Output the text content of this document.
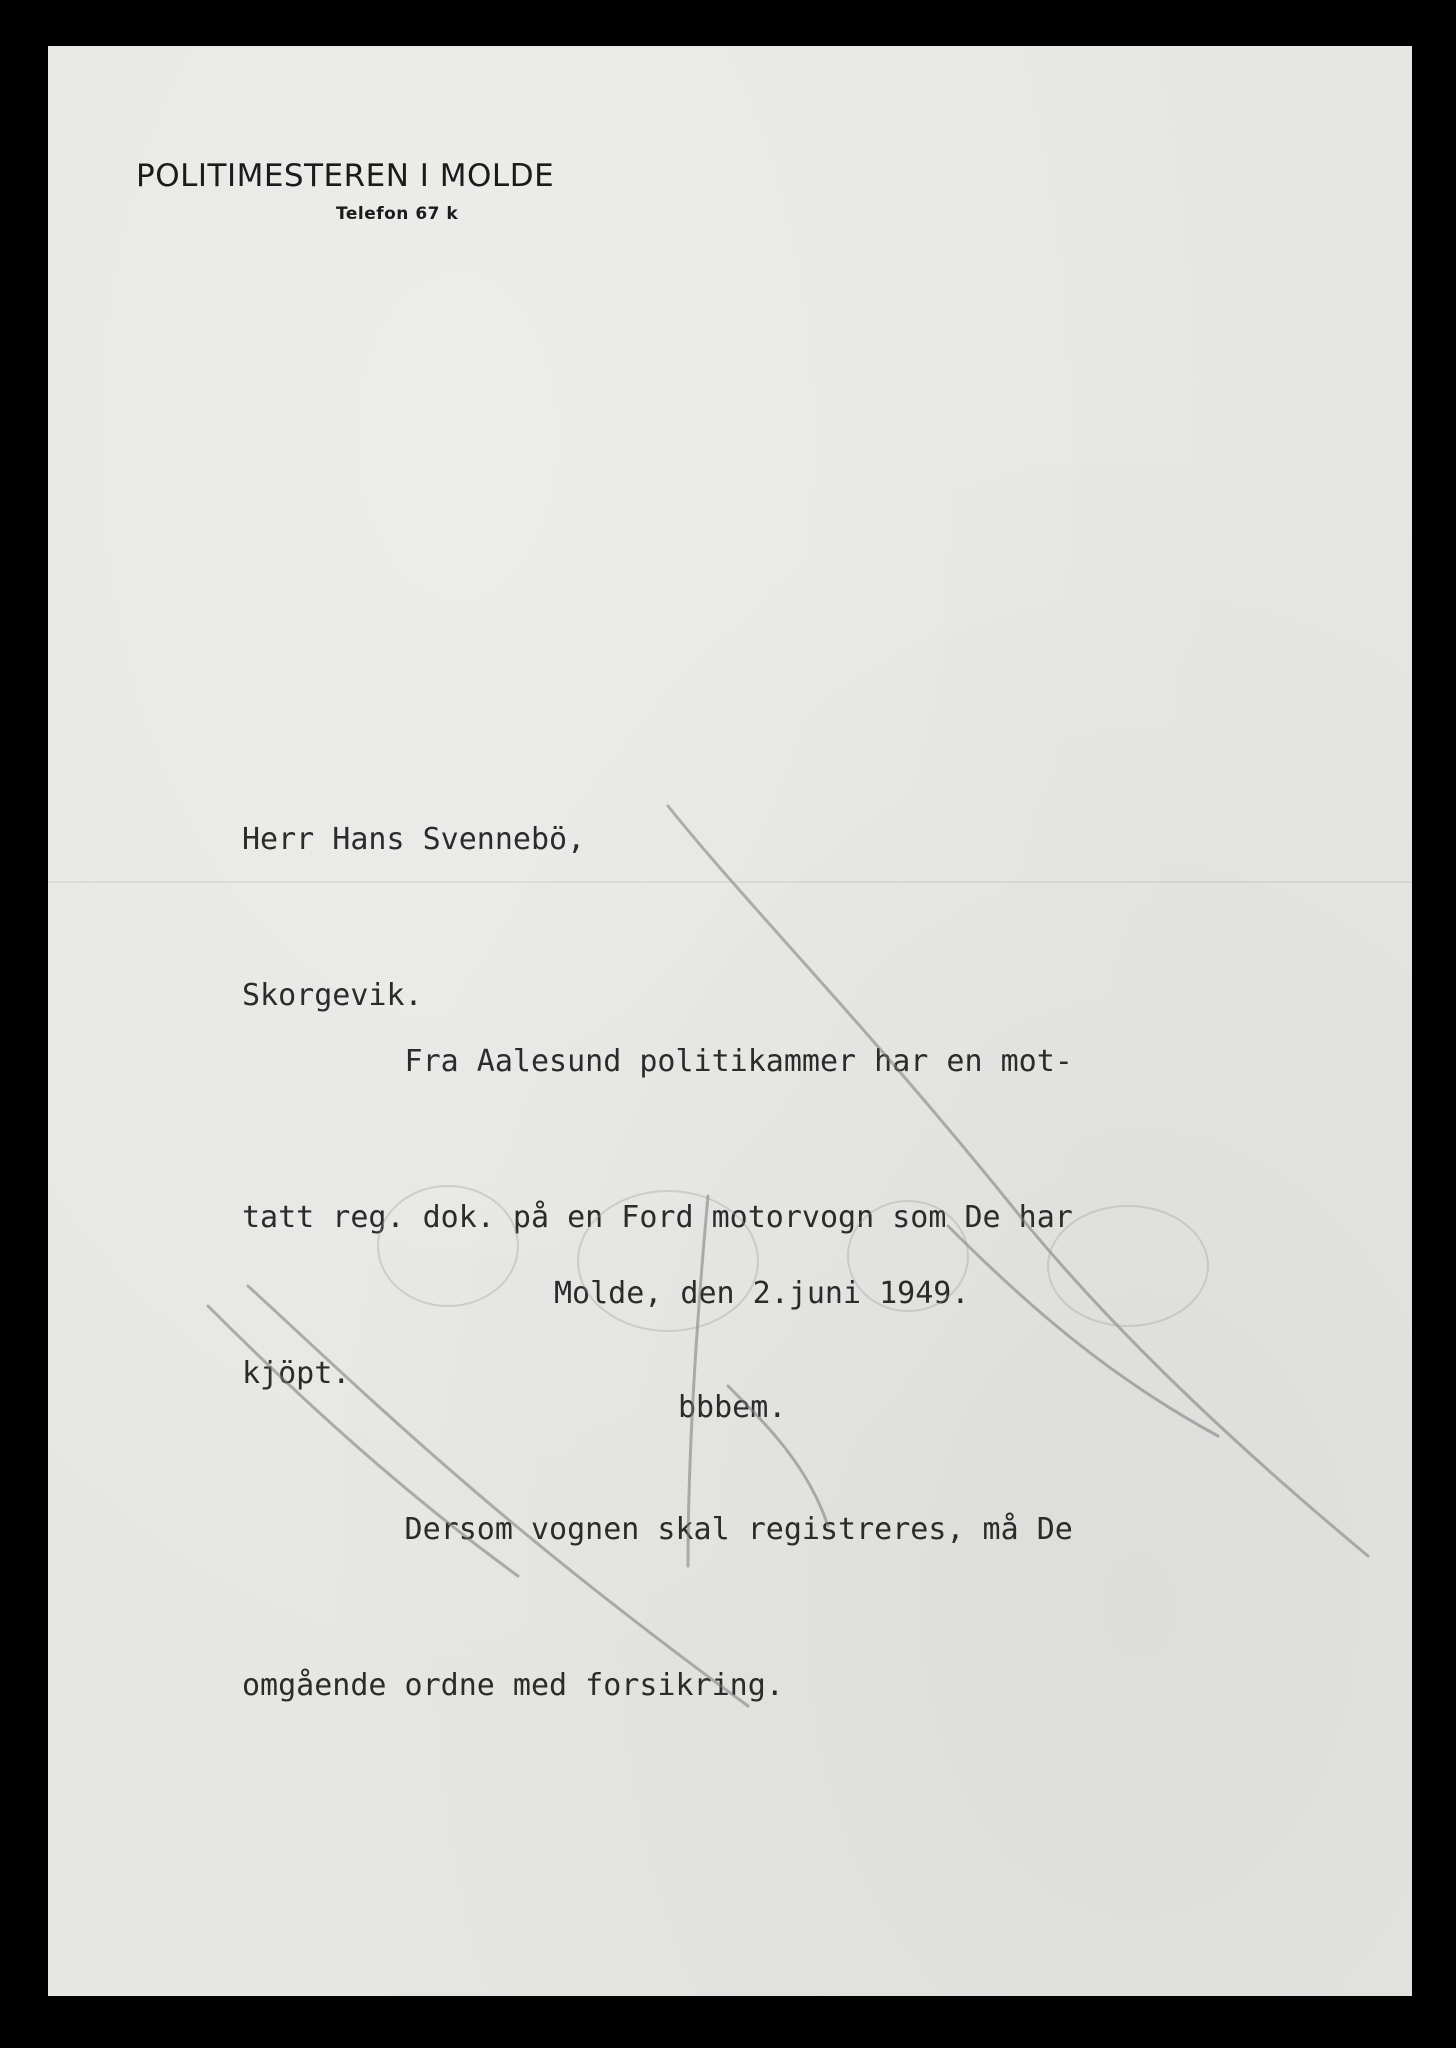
POLITIMESTEREN I MOLDE
Telefon 67 k

Herr Hans Svennebö,

Skorgevik.

Fra Aalesund politikammer har en mot-

tatt reg. dok. på en Ford motorvogn som De har

kjöpt.

Dersom vognen skal registreres, må De

omgående ordne med forsikring.

Molde, den 2.juni 1949.
bbbem.
